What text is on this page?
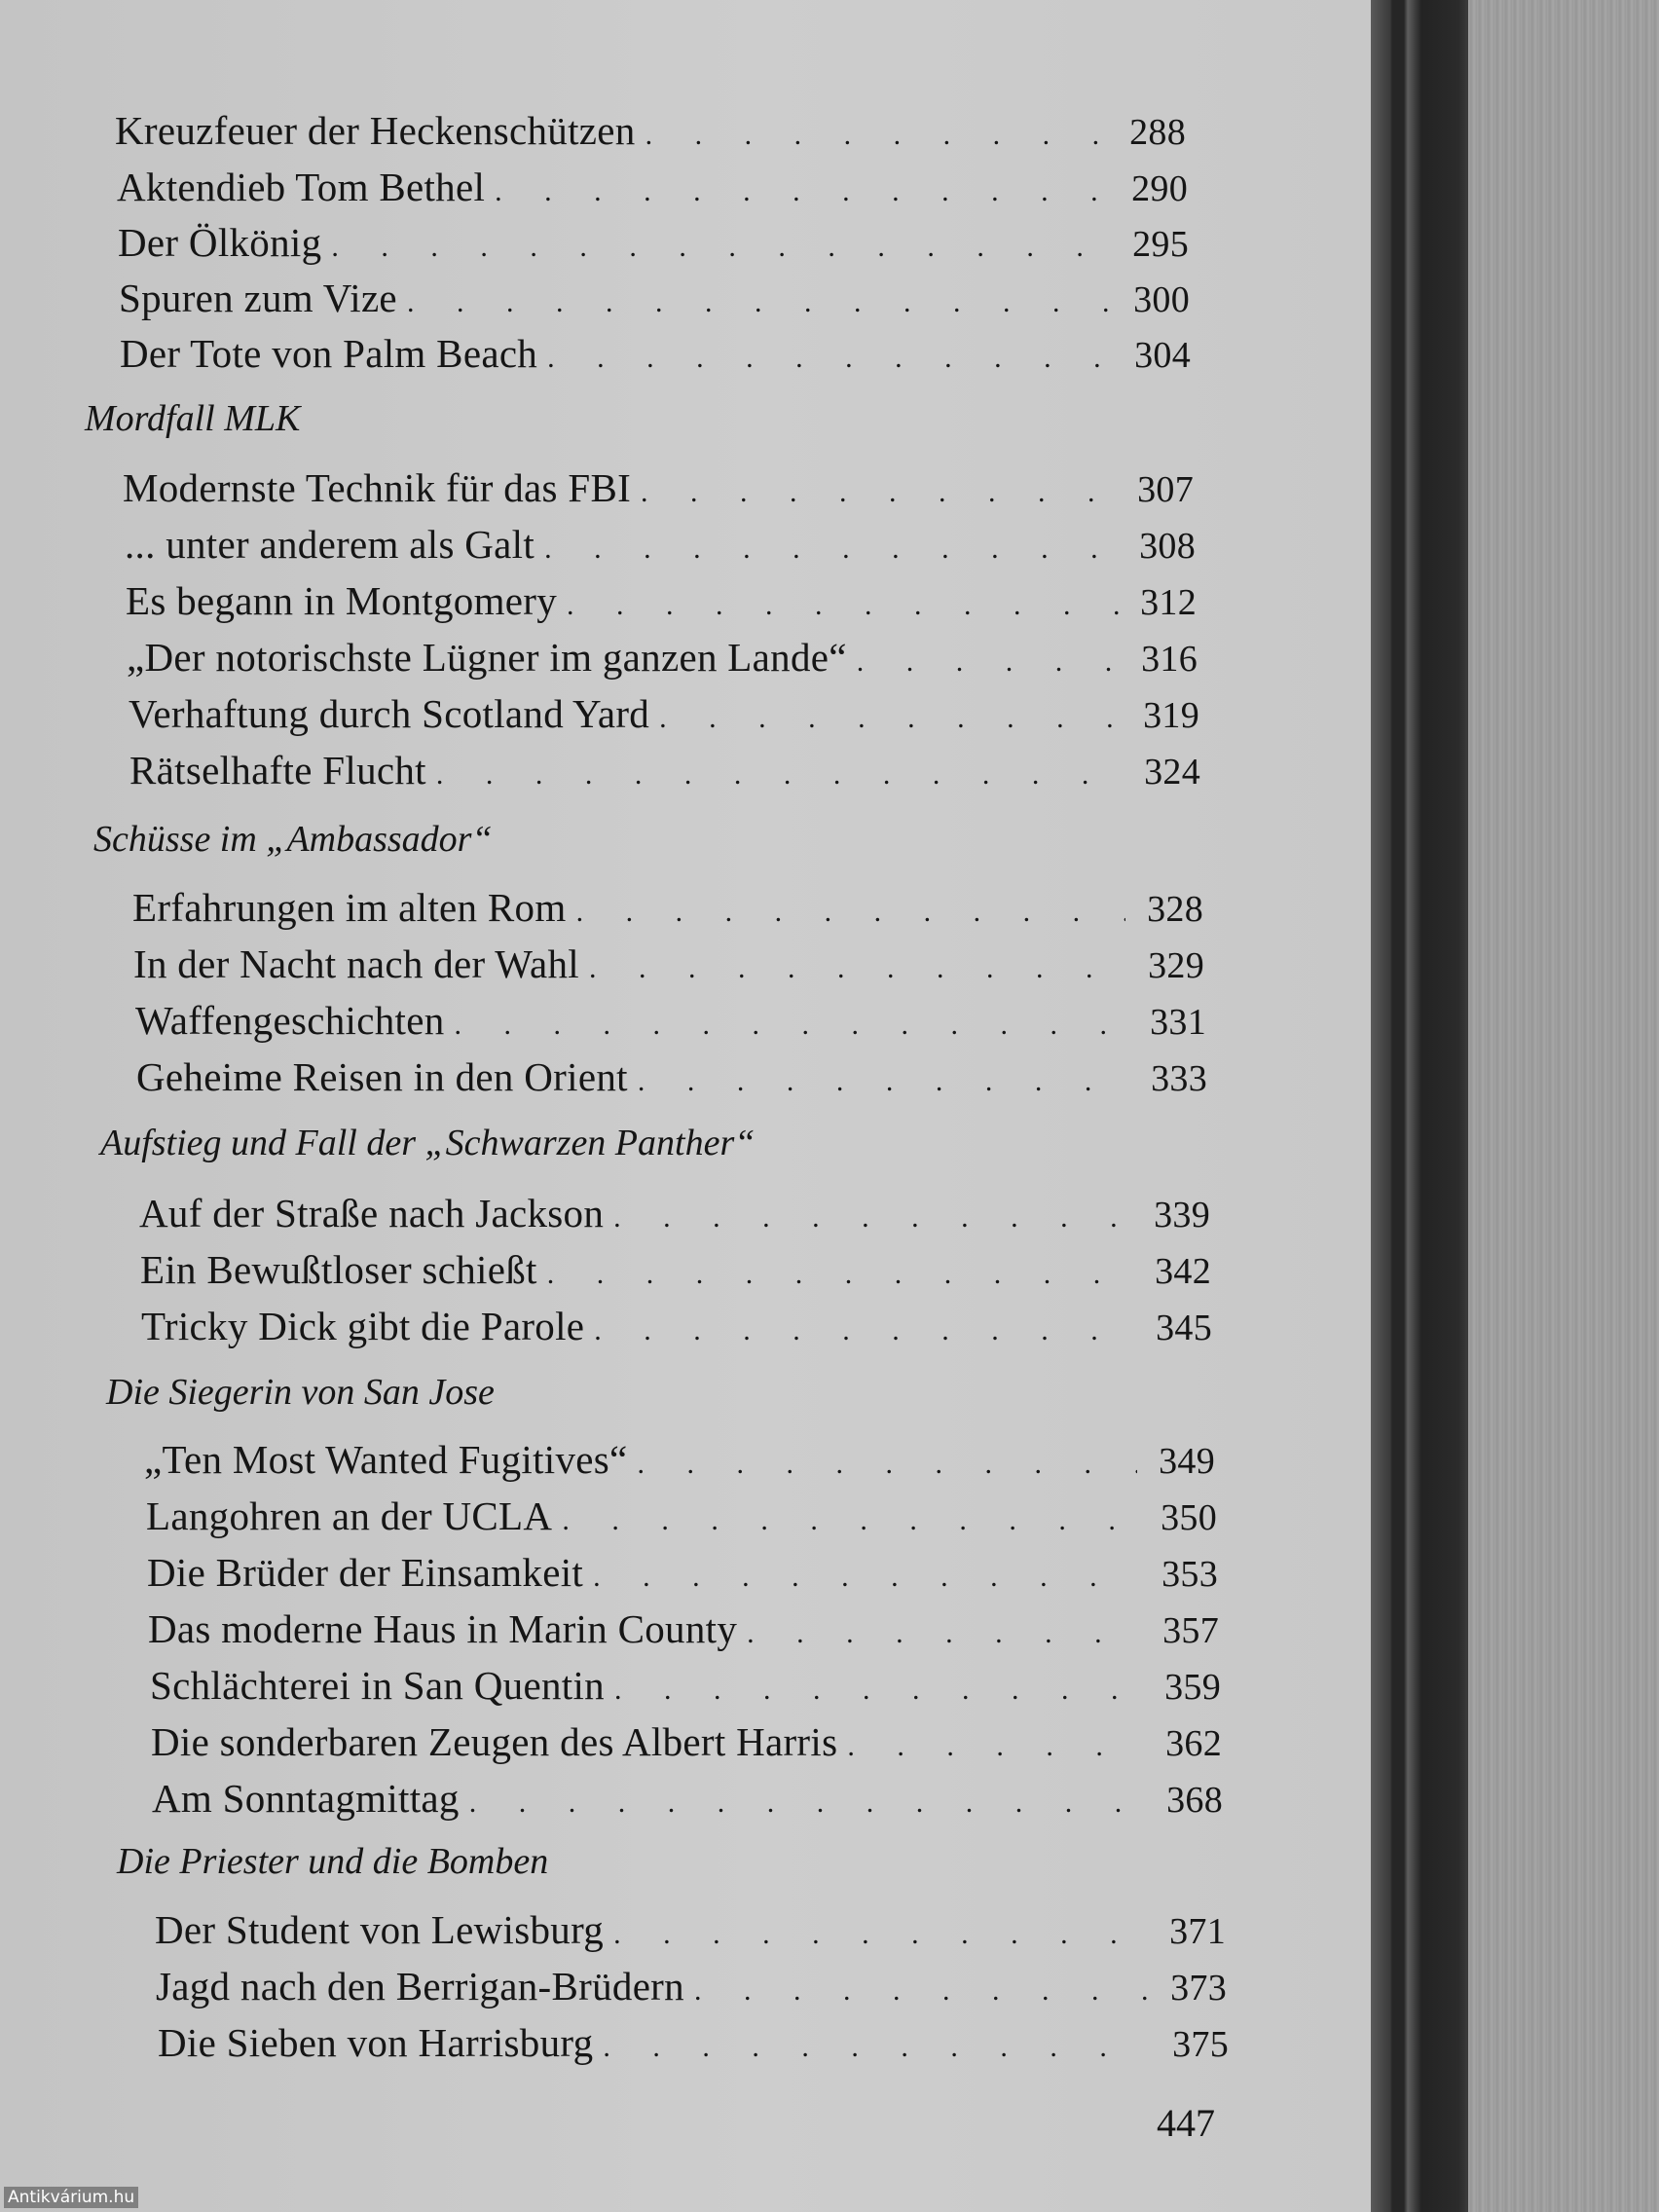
Kreuzfeuer der Heckenschützen . . .	288
Aktendieb Tom Bethel . . .	290
Der Ölkönig . . .	295
Spuren zum Vize . . .	300
Der Tote von Palm Beach . . .	304
Mordfall MLK
Modernste Technik für das FBI . . .	307
... unter anderem als Galt . . .	308
Es begann in Montgomery . . .	312
„Der notorischste Lügner im ganzen Lande“ . . .	316
Verhaftung durch Scotland Yard . . .	319
Rätselhafte Flucht . . .	324
Schüsse im „Ambassador“
Erfahrungen im alten Rom . . .	328
In der Nacht nach der Wahl . . .	329
Waffengeschichten . . .	331
Geheime Reisen in den Orient . . .	333
Aufstieg und Fall der „Schwarzen Panther“
Auf der Straße nach Jackson . . .	339
Ein Bewußtloser schießt . . .	342
Tricky Dick gibt die Parole . . .	345
Die Siegerin von San Jose
„Ten Most Wanted Fugitives“ . . .	349
Langohren an der UCLA . . .	350
Die Brüder der Einsamkeit . . .	353
Das moderne Haus in Marin County . . .	357
Schlächterei in San Quentin . . .	359
Die sonderbaren Zeugen des Albert Harris . . .	362
Am Sonntagmittag . . .	368
Die Priester und die Bomben
Der Student von Lewisburg . . .	371
Jagd nach den Berrigan-Brüdern . . .	373
Die Sieben von Harrisburg . . .	375
447
Antikvárium.hu
